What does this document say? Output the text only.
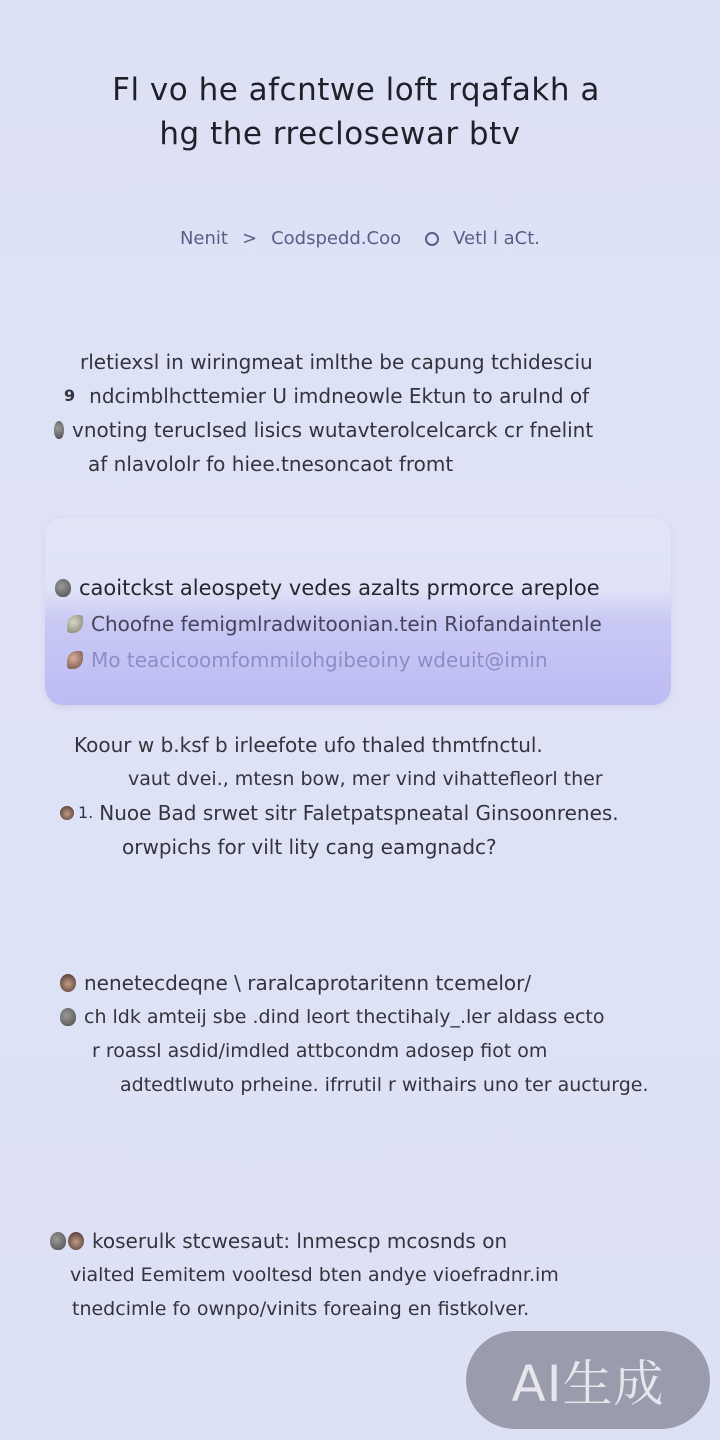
Fl vo he afcntwe loft rqafakh a
hg the rreclosewar btv
Nenit > Codspedd.Coo	Vetl l aCt.
rletiexsl in wiringmeat imlthe be capung tchidesciu
9 ndcimblhcttemier U imdneowle Ektun to aruInd of
vnoting terucIsed lisics wutavterolcelcarck cr fnelint
af nlavololr fo hiee.tnesoncaot fromt
caoitckst aleospety vedes azalts prmorce areploe
Choofne femigmlradwitoonian.tein Riofandaintenle
Mo teacicoomfommilohgibeoiny wdeuit@imin
Koour w b.ksf b irleefote ufo thaled thmtfnctul.
vaut dvei., mtesn bow, mer vind vihattefleorl ther
1. Nuoe Bad srwet sitr Faletpatspneatal Ginsoonrenes.
orwpichs for vilt lity cang eamgnadc?
nenetecdeqne \ raralcaprotaritenn tcemelor/
ch ldk amteij sbe .dind leort thectihaly_.ler aldass ecto
r roassl asdid/imdled attbcondm adosep fiot om
adtedtlwuto prheine. ifrrutil r withairs uno ter aucturge.
koserulk stcwesaut: lnmescp mcosnds on
vialted Eemitem vooltesd bten andye vioefradnr.im
tnedcimle fo ownpo/vinits foreaing en fistkolver.
AI生成
